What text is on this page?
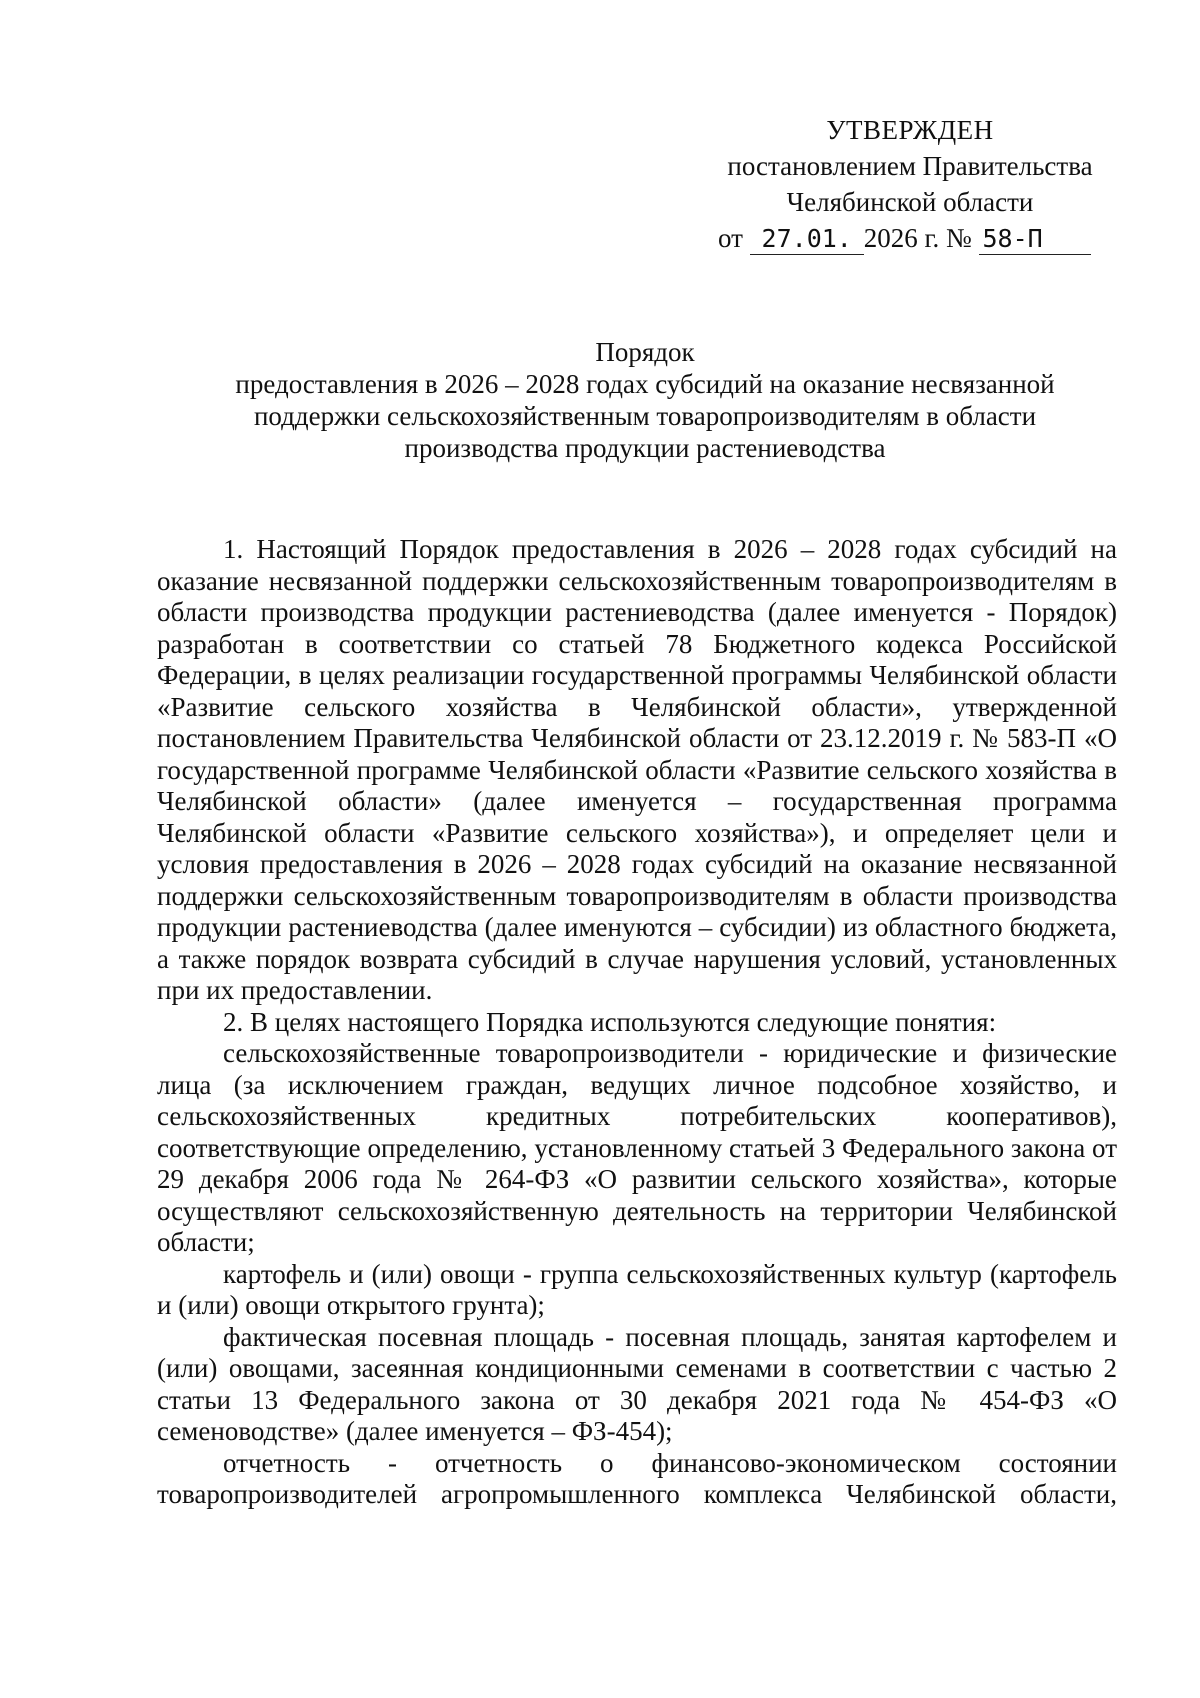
УТВЕРЖДЕН
постановлением Правительства
Челябинской области
от 27.01. 2026 г. № 58-П
Порядок
предоставления в 2026 – 2028 годах субсидий на оказание несвязанной
поддержки сельскохозяйственным товаропроизводителям в области
производства продукции растениеводства

1. Настоящий Порядок предоставления в 2026 – 2028 годах субсидий на оказание несвязанной поддержки сельскохозяйственным товаропроизводителям в области производства продукции растениеводства (далее именуется - Порядок) разработан в соответствии со статьей 78 Бюджетного кодекса Российской Федерации, в целях реализации государственной программы Челябинской области «Развитие сельского хозяйства в Челябинской области», утвержденной постановлением Правительства Челябинской области от 23.12.2019 г. № 583-П «О государственной программе Челябинской области «Развитие сельского хозяйства в Челябинской области» (далее именуется – государственная программа Челябинской области «Развитие сельского хозяйства»), и определяет цели и условия предоставления в 2026 – 2028 годах субсидий на оказание несвязанной поддержки сельскохозяйственным товаропроизводителям в области производства продукции растениеводства (далее именуются – субсидии) из областного бюджета, а также порядок возврата субсидий в случае нарушения условий, установленных при их предоставлении.

2. В целях настоящего Порядка используются следующие понятия:

сельскохозяйственные товаропроизводители - юридические и физические лица (за исключением граждан, ведущих личное подсобное хозяйство, и сельскохозяйственных кредитных потребительских кооперативов), соответствующие определению, установленному статьей 3 Федерального закона от 29 декабря 2006 года № 264-ФЗ «О развитии сельского хозяйства», которые осуществляют сельскохозяйственную деятельность на территории Челябинской области;

картофель и (или) овощи - группа сельскохозяйственных культур (картофель и (или) овощи открытого грунта);

фактическая посевная площадь - посевная площадь, занятая картофелем и (или) овощами, засеянная кондиционными семенами в соответствии с частью 2 статьи 13 Федерального закона от 30 декабря 2021 года № 454-ФЗ «О семеноводстве» (далее именуется – ФЗ-454);

отчетность - отчетность о финансово-экономическом состоянии товаропроизводителей агропромышленного комплекса Челябинской области,
